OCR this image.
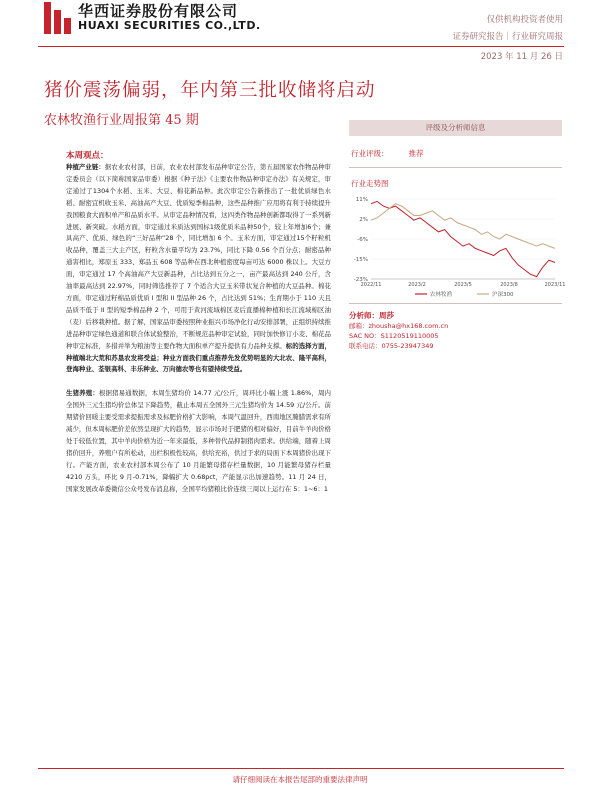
华西证券股份有限公司
HUAXI SECURITIES CO.,LTD.	仅供机构投资者使用
证券研究报告｜行业研究周报
2023 年 11 月 26 日
猪价震荡偏弱，年内第三批收储将启动
农林牧渔行业周报第 45 期
本周观点：

种植产业链：据农业农村部，日前，农业农村部发布品种审定公告，第五届国家农作物品种审定委员会（以下简称国家品审委）根据《种子法》《主要农作物品种审定办法》有关规定，审定通过了1304个水稻、玉米、大豆、棉花新品种。此次审定公告新推出了一批优质绿色水稻、耐密宜机收玉米、高油高产大豆、优质短季棉品种，这些品种推广应用将有利于持续提升我国粮食大面积单产和品质水平。从审定品种情况看，这四类作物品种创新都取得了一系列新进展、新突破。水稻方面，审定通过米质达到国标1级优质米品种50个，较上年增加6个；兼具高产、优质、绿色的“三好品种”28 个，同比增加 6 个。玉米方面，审定通过15个籽粒机收品种，覆盖三大主产区，籽粒含水量平均为 23.7%，同比下降 0.56 个百分点；耐密品种通害相比，郑原玉 333、郑品玉 608 等品种在西北种植密度每亩可达 6000 株以上。大豆方面，审定通过 17 个高油高产大豆新品种，占比达到五分之一，亩产最高达到 240 公斤，含油率最高达到 22.97%，同时筛选推荐了 7 个适合大豆玉米带状复合种植的大豆品种。棉花方面，审定通过籽棉品质优质 I 型和 II 型品种 26 个，占比达到 51%；生育期小于 110 天且品质不低于 II 型的短季棉品种 2 个，可用于黄河流域棉区麦后直播棉种植和长江流域棉区油（麦）后移栽种植。据了解，国家品审委按照种业振兴市场净化行动安排部署，正组织持续推进品种审定绿色通道和联合体试验整治，不断规范品种审定试验，同时加快修订小麦、棉花品种审定标准，多措并举为粮油等主要作物大面积单产提升提供有力品种支撑。标的选择方面，种植端北大荒和苏垦农发将受益；种业方面我们重点推荐先发优势明显的大北农、隆平高科，登海种业、荃银高科、丰乐种业、万向德农等也有望持续受益。

生猪养殖：根据猪易通数据，本周生猪均价 14.77 元/公斤，周环比小幅上涨 1.86%，周内全国外三元生猪均价总体呈下降趋势，截止本周五全国外三元生猪均价为 14.59 元/公斤。前期猪价回暖主要受需求提振需求及标肥价格扩大影响，本周气温回升，西南地区腌腊需求有所减少，但本周标肥价差依然呈现扩大的趋势，显示市场对于肥猪的相对偏好，目前牛羊肉价格处于较低位置，其中羊肉价格为近一年来最低，多种替代品抑制猪肉需求。供给端，随着上周猪价回升，养殖户有所松动，出栏积极性较高，供给充裕，供过于求的局面下本周猪价出现下行。产能方面，农业农村部本周公布了 10 月能繁母猪存栏量数据，10 月能繁母猪存栏量 4210 万头，环比 9 月-0.71%，降幅扩大 0.68pct，产能显示出加速趋势。11 月 24 日，国家发展改革委微信公众号发布消息称，全国平均猪粮比价连续三周以上运行在 5：1~6：1

评级及分析师信息
行业评级：	推荐
行业走势图
11%
2%
-6%
-15%
-23%
2022/11	2023/2	2023/5	2023/8	2023/11
农林牧渔	沪深300
分析师：周莎
邮箱：zhousha@hx168.com.cn
SAC NO：S1120519110005
联系电话：0755-23947349
请仔细阅读在本报告尾部的重要法律声明
